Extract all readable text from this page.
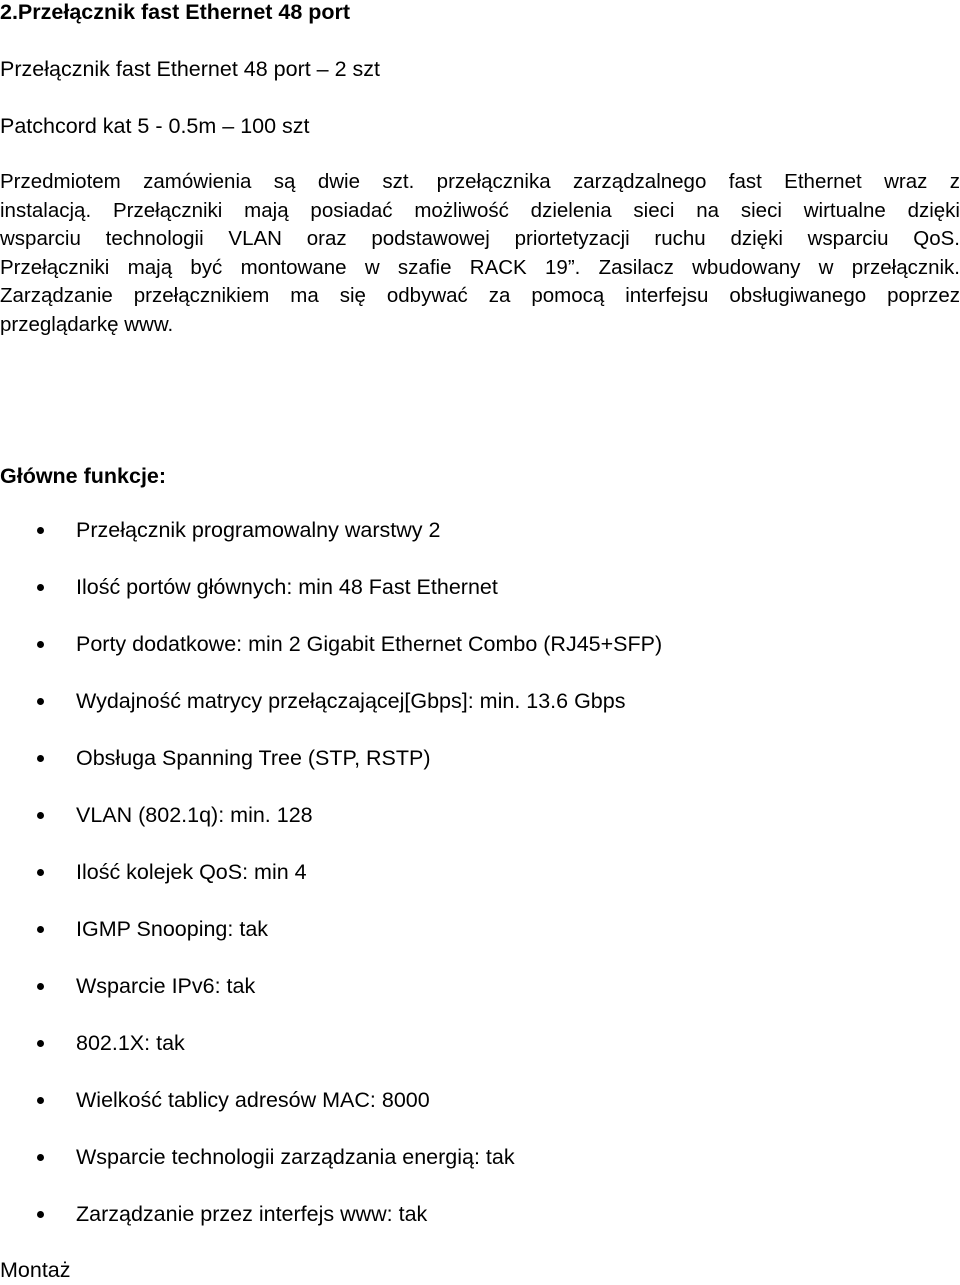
2.Przełącznik fast Ethernet 48 port
Przełącznik fast Ethernet 48 port – 2 szt
Patchcord kat 5 - 0.5m – 100 szt
Przedmiotem zamówienia są dwie szt. przełącznika zarządzalnego fast Ethernet wraz z
instalacją. Przełączniki mają posiadać możliwość dzielenia sieci na sieci wirtualne dzięki
wsparciu technologii VLAN oraz podstawowej priortetyzacji ruchu dzięki wsparciu QoS.
Przełączniki mają być montowane w szafie RACK 19”. Zasilacz wbudowany w przełącznik.
Zarządzanie przełącznikiem ma się odbywać za pomocą interfejsu obsługiwanego poprzez
przeglądarkę www.
Główne funkcje:
Przełącznik programowalny warstwy 2
Ilość portów głównych: min 48 Fast Ethernet
Porty dodatkowe: min 2 Gigabit Ethernet Combo (RJ45+SFP)
Wydajność matrycy przełączającej[Gbps]: min. 13.6 Gbps
Obsługa Spanning Tree (STP, RSTP)
VLAN (802.1q): min. 128
Ilość kolejek QoS: min 4
IGMP Snooping: tak
Wsparcie IPv6: tak
802.1X: tak
Wielkość tablicy adresów MAC: 8000
Wsparcie technologii zarządzania energią: tak
Zarządzanie przez interfejs www: tak
Montaż
